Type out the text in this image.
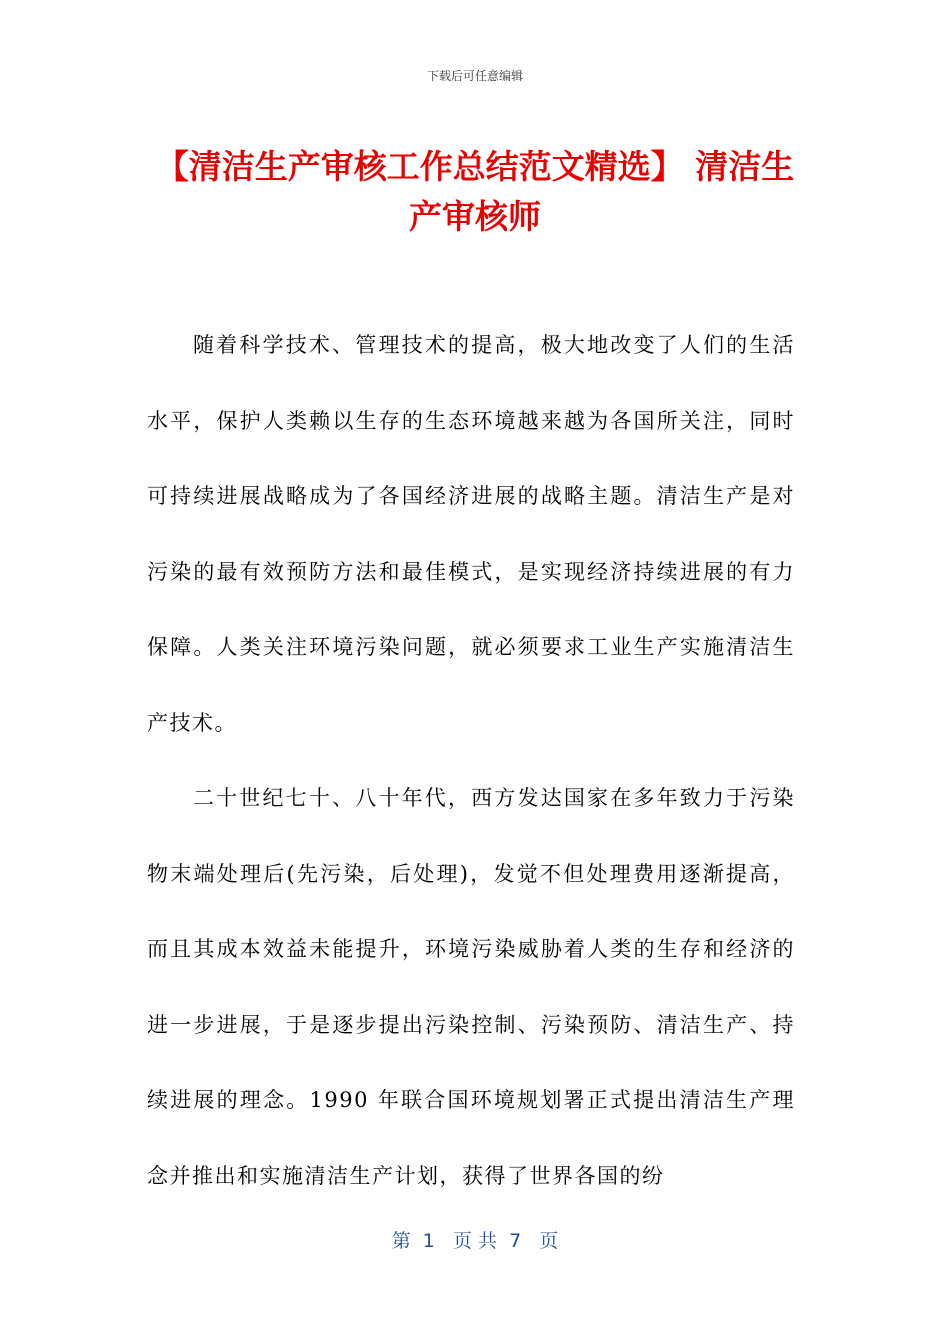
下载后可任意编辑
【清洁生产审核工作总结范文精选】 清洁生产审核师

随着科学技术、管理技术的提高，极大地改变了人们的生活水平，保护人类赖以生存的生态环境越来越为各国所关注，同时可持续进展战略成为了各国经济进展的战略主题。清洁生产是对污染的最有效预防方法和最佳模式，是实现经济持续进展的有力保障。人类关注环境污染问题，就必须要求工业生产实施清洁生产技术。

二十世纪七十、八十年代，西方发达国家在多年致力于污染物末端处理后(先污染，后处理)，发觉不但处理费用逐渐提高，而且其成本效益未能提升，环境污染威胁着人类的生存和经济的进一步进展，于是逐步提出污染控制、污染预防、清洁生产、持续进展的理念。1990 年联合国环境规划署正式提出清洁生产理念并推出和实施清洁生产计划，获得了世界各国的纷

第  1   页 共  7   页
